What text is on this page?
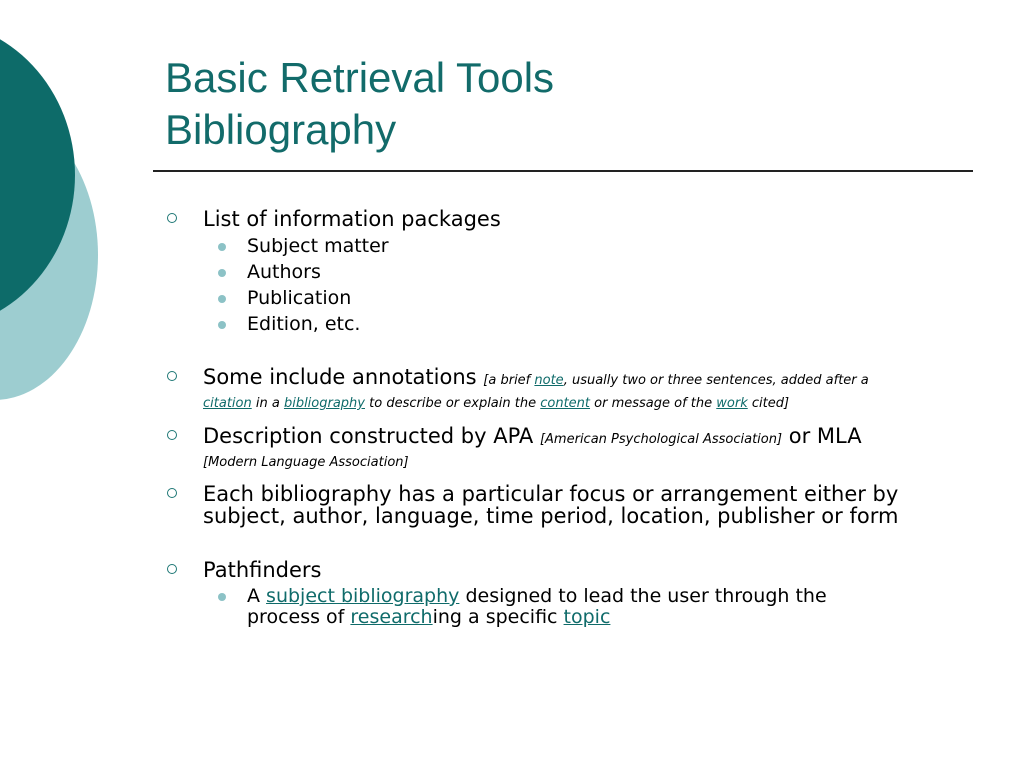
Basic Retrieval Tools
Bibliography
List of information packages
Subject matter
Authors
Publication
Edition, etc.
Some include annotations [a brief note, usually two or three sentences, added after a
citation in a bibliography to describe or explain the content or message of the work cited]
Description constructed by APA [American Psychological Association] or MLA
[Modern Language Association]
Each bibliography has a particular focus or arrangement either by
subject, author, language, time period, location, publisher or form
Pathfinders
A subject bibliography designed to lead the user through the
process of researching a specific topic
